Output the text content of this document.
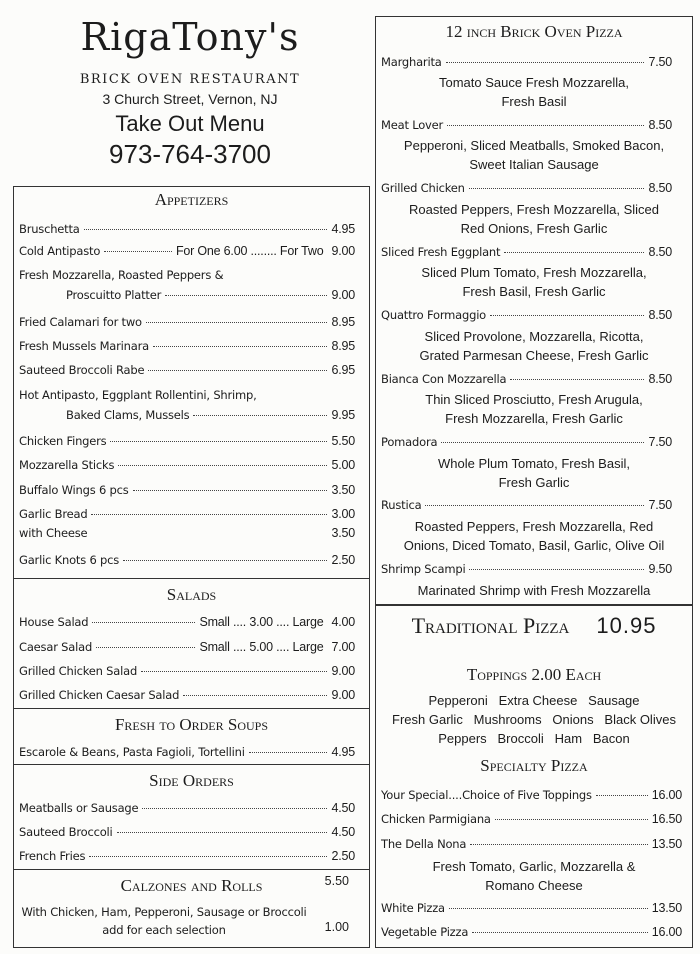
RigaTony's
BRICK OVEN RESTAURANT
3 Church Street, Vernon, NJ
Take Out Menu
973-764-3700
Appetizers
Bruschetta	4.95
Cold Antipasto	For One 6.00 ........ For Two 9.00
Fresh Mozzarella, Roasted Peppers &
Proscuitto Platter	9.00
Fried Calamari for two	8.95
Fresh Mussels Marinara	8.95
Sauteed Broccoli Rabe	6.95
Hot Antipasto, Eggplant Rollentini, Shrimp,
Baked Clams, Mussels	9.95
Chicken Fingers	5.50
Mozzarella Sticks	5.00
Buffalo Wings 6 pcs	3.50
Garlic Bread	3.00
with Cheese	3.50
Garlic Knots 6 pcs	2.50
Salads
House Salad	Small .... 3.00 .... Large 4.00
Caesar Salad	Small .... 5.00 .... Large 7.00
Grilled Chicken Salad	9.00
Grilled Chicken Caesar Salad	9.00
Fresh to Order Soups
Escarole & Beans, Pasta Fagioli, Tortellini	4.95
Side Orders
Meatballs or Sausage	4.50
Sauteed Broccoli	4.50
French Fries	2.50
Calzones and Rolls	5.50
With Chicken, Ham, Pepperoni, Sausage or Broccoli
add for each selection	1.00
12 inch Brick Oven Pizza
Margharita	7.50
Tomato Sauce Fresh Mozzarella,
Fresh Basil
Meat Lover	8.50
Pepperoni, Sliced Meatballs, Smoked Bacon,
Sweet Italian Sausage
Grilled Chicken	8.50
Roasted Peppers, Fresh Mozzarella, Sliced
Red Onions, Fresh Garlic
Sliced Fresh Eggplant	8.50
Sliced Plum Tomato, Fresh Mozzarella,
Fresh Basil, Fresh Garlic
Quattro Formaggio	8.50
Sliced Provolone, Mozzarella, Ricotta,
Grated Parmesan Cheese, Fresh Garlic
Bianca Con Mozzarella	8.50
Thin Sliced Prosciutto, Fresh Arugula,
Fresh Mozzarella, Fresh Garlic
Pomadora	7.50
Whole Plum Tomato, Fresh Basil,
Fresh Garlic
Rustica	7.50
Roasted Peppers, Fresh Mozzarella, Red
Onions, Diced Tomato, Basil, Garlic, Olive Oil
Shrimp Scampi	9.50
Marinated Shrimp with Fresh Mozzarella
Traditional Pizza 10.95
Toppings 2.00 Each
Pepperoni   Extra Cheese   Sausage
Fresh Garlic   Mushrooms   Onions   Black Olives
Peppers   Broccoli   Ham   Bacon
Specialty Pizza
Your Special ....Choice of Five Toppings	16.00
Chicken Parmigiana	16.50
The Della Nona	13.50
Fresh Tomato, Garlic, Mozzarella &
Romano Cheese
White Pizza	13.50
Vegetable Pizza	16.00
